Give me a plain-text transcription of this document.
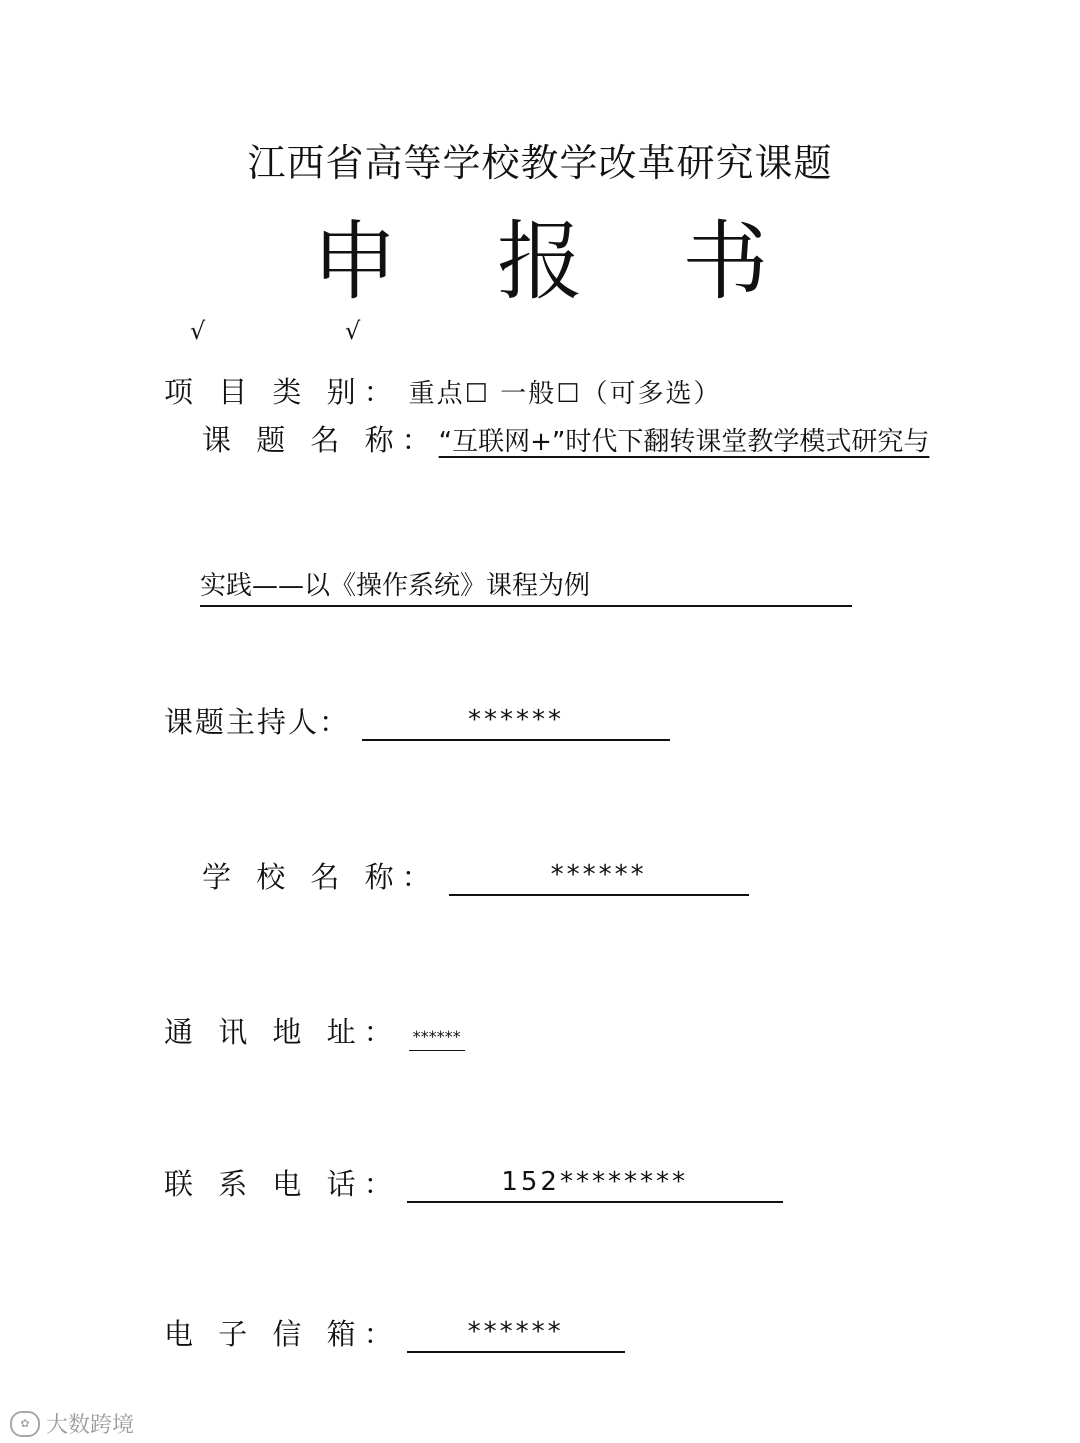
江西省高等学校教学改革研究课题
申 报 书
√	√
项 目 类 别： 重点☐ 一般☐（可多选）
课 题 名 称：“互联网+”时代下翻转课堂教学模式研究与
实践——以《操作系统》课程为例
课题主持人：	******
学 校 名 称：	******
通 讯 地 址： ******
联 系 电 话：	152********
电 子 信 箱：	******
✿ 大数跨境
